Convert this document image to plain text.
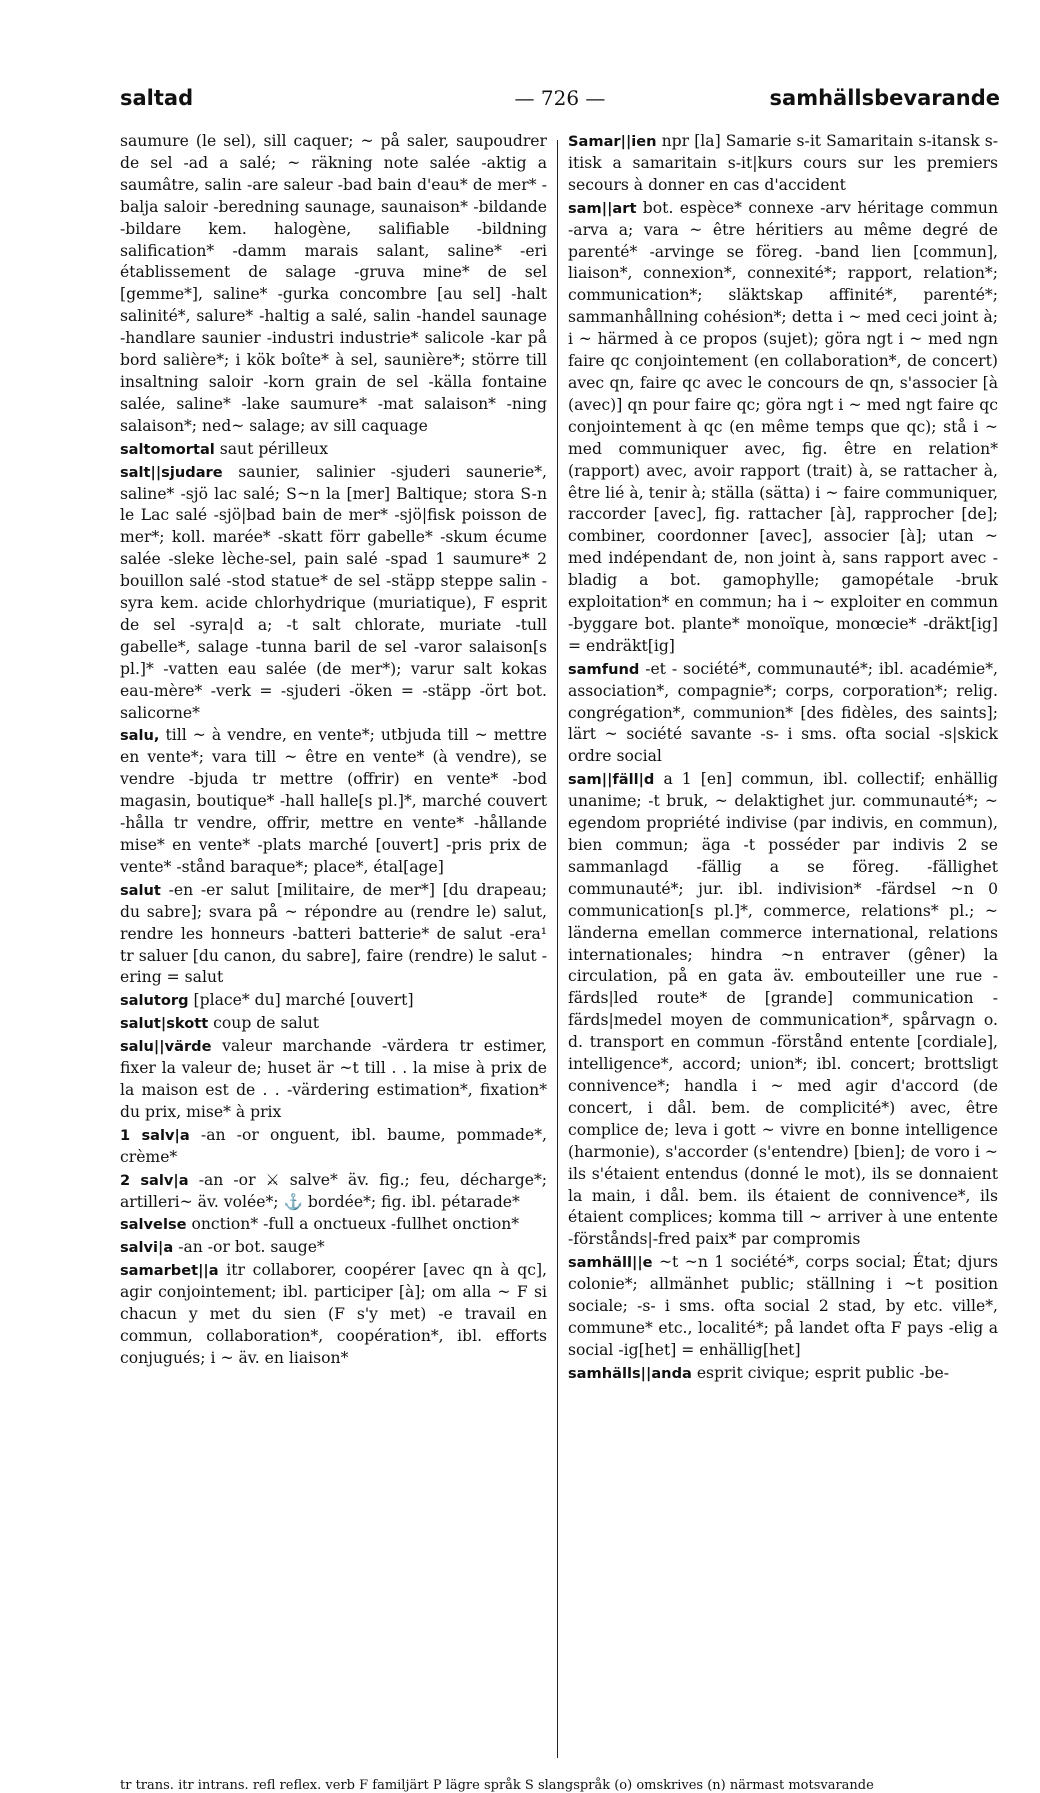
saltad	— 726 —	samhällsbevarande
saumure (le sel), sill caquer; ~ på saler, saupoudrer de sel -ad a salé; ~ räkning note salée -aktig a saumâtre, salin -are saleur -bad bain d'eau* de mer* -balja saloir -beredning saunage, saunaison* -bildande -bildare kem. halogène, salifiable -bildning salification* -damm marais salant, saline* -eri établissement de salage -gruva mine* de sel [gemme*], saline* -gurka concombre [au sel] -halt salinité*, salure* -haltig a salé, salin -handel saunage -handlare saunier -industri industrie* salicole -kar på bord salière*; i kök boîte* à sel, saunière*; större till insaltning saloir -korn grain de sel -källa fontaine salée, saline* -lake saumure* -mat salaison* -ning salaison*; ned~ salage; av sill caquage
saltomortal saut périlleux
salt||sjudare saunier, salinier -sjuderi saunerie*, saline* -sjö lac salé; S~n la [mer] Baltique; stora S-n le Lac salé -sjö|bad bain de mer* -sjö|fisk poisson de mer*; koll. marée* -skatt förr gabelle* -skum écume salée -sleke lèche-sel, pain salé -spad 1 saumure* 2 bouillon salé -stod statue* de sel -stäpp steppe salin -syra kem. acide chlorhydrique (muriatique), F esprit de sel -syra|d a; -t salt chlorate, muriate -tull gabelle*, salage -tunna baril de sel -varor salaison[s pl.]* -vatten eau salée (de mer*); varur salt kokas eau-mère* -verk = -sjuderi -öken = -stäpp -ört bot. salicorne*
salu, till ~ à vendre, en vente*; utbjuda till ~ mettre en vente*; vara till ~ être en vente* (à vendre), se vendre -bjuda tr mettre (offrir) en vente* -bod magasin, boutique* -hall halle[s pl.]*, marché couvert -hålla tr vendre, offrir, mettre en vente* -hållande mise* en vente* -plats marché [ouvert] -pris prix de vente* -stånd baraque*; place*, étal[age]
salut -en -er salut [militaire, de mer*] [du drapeau; du sabre]; svara på ~ répondre au (rendre le) salut, rendre les honneurs -batteri batterie* de salut -era¹ tr saluer [du canon, du sabre], faire (rendre) le salut -ering = salut
salutorg [place* du] marché [ouvert]
salut|skott coup de salut
salu||värde valeur marchande -värdera tr estimer, fixer la valeur de; huset är ~t till . . la mise à prix de la maison est de . . -värdering estimation*, fixation* du prix, mise* à prix
1 salv|a -an -or onguent, ibl. baume, pommade*, crème*
2 salv|a -an -or ⚔ salve* äv. fig.; feu, décharge*; artilleri~ äv. volée*; ⚓ bordée*; fig. ibl. pétarade*
salvelse onction* -full a onctueux -fullhet onction*
salvi|a -an -or bot. sauge*
samarbet||a itr collaborer, coopérer [avec qn à qc], agir conjointement; ibl. participer [à]; om alla ~ F si chacun y met du sien (F s'y met) -e travail en commun, collaboration*, coopération*, ibl. efforts conjugués; i ~ äv. en liaison*
Samar||ien npr [la] Samarie s-it Samaritain s-itansk s-itisk a samaritain s-it|kurs cours sur les premiers secours à donner en cas d'accident
sam||art bot. espèce* connexe -arv héritage commun -arva a; vara ~ être héritiers au même degré de parenté* -arvinge se föreg. -band lien [commun], liaison*, connexion*, connexité*; rapport, relation*; communication*; släktskap affinité*, parenté*; sammanhållning cohésion*; detta i ~ med ceci joint à; i ~ härmed à ce propos (sujet); göra ngt i ~ med ngn faire qc conjointement (en collaboration*, de concert) avec qn, faire qc avec le concours de qn, s'associer [à (avec)] qn pour faire qc; göra ngt i ~ med ngt faire qc conjointement à qc (en même temps que qc); stå i ~ med communiquer avec, fig. être en relation* (rapport) avec, avoir rapport (trait) à, se rattacher à, être lié à, tenir à; ställa (sätta) i ~ faire communiquer, raccorder [avec], fig. rattacher [à], rapprocher [de]; combiner, coordonner [avec], associer [à]; utan ~ med indépendant de, non joint à, sans rapport avec -bladig a bot. gamophylle; gamopétale -bruk exploitation* en commun; ha i ~ exploiter en commun -byggare bot. plante* monoïque, monœcie* -dräkt[ig] = endräkt[ig]
samfund -et - société*, communauté*; ibl. académie*, association*, compagnie*; corps, corporation*; relig. congrégation*, communion* [des fidèles, des saints]; lärt ~ société savante -s- i sms. ofta social -s|skick ordre social
sam||fäll|d a 1 [en] commun, ibl. collectif; enhällig unanime; -t bruk, ~ delaktighet jur. communauté*; ~ egendom propriété indivise (par indivis, en commun), bien commun; äga -t posséder par indivis 2 se sammanlagd -fällig a se föreg. -fällighet communauté*; jur. ibl. indivision* -färdsel ~n 0 communication[s pl.]*, commerce, relations* pl.; ~ länderna emellan commerce international, relations internationales; hindra ~n entraver (gêner) la circulation, på en gata äv. embouteiller une rue -färds|led route* de [grande] communication -färds|medel moyen de communication*, spårvagn o. d. transport en commun -förstånd entente [cordiale], intelligence*, accord; union*; ibl. concert; brottsligt connivence*; handla i ~ med agir d'accord (de concert, i dål. bem. de complicité*) avec, être complice de; leva i gott ~ vivre en bonne intelligence (harmonie), s'accorder (s'entendre) [bien]; de voro i ~ ils s'étaient entendus (donné le mot), ils se donnaient la main, i dål. bem. ils étaient de connivence*, ils étaient complices; komma till ~ arriver à une entente -förstånds|-fred paix* par compromis
samhäll||e ~t ~n 1 société*, corps social; État; djurs colonie*; allmänhet public; ställning i ~t position sociale; -s- i sms. ofta social 2 stad, by etc. ville*, commune* etc., localité*; på landet ofta F pays -elig a social -ig[het] = enhällig[het]
samhälls||anda esprit civique; esprit public -be-
tr trans. itr intrans. refl reflex. verb F familjärt P lägre språk S slangspråk (o) omskrives (n) närmast motsvarande
